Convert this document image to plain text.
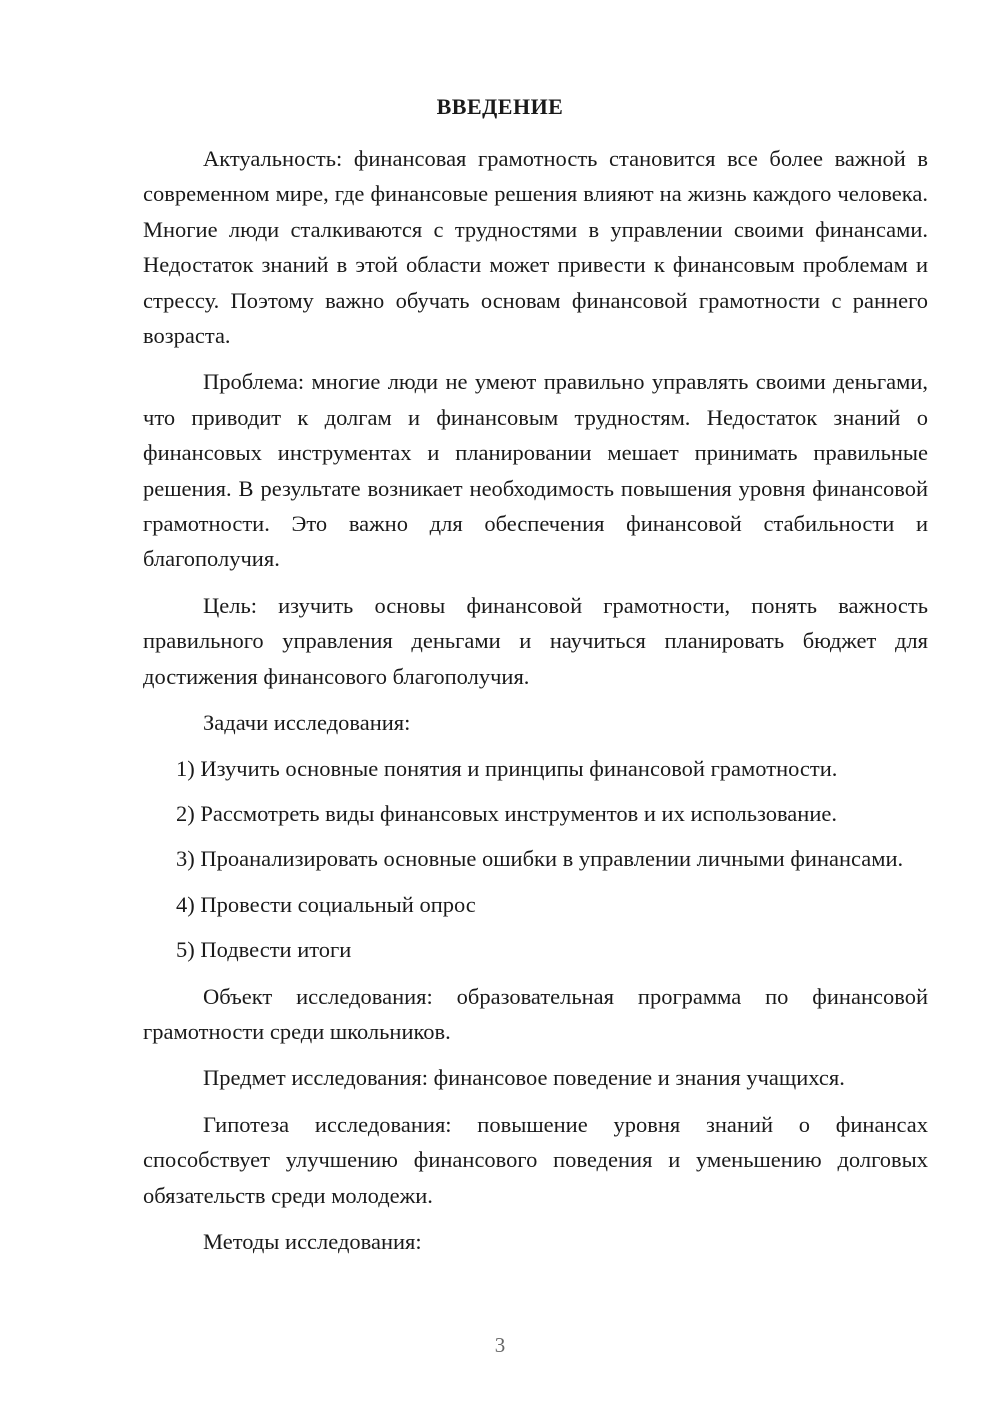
ВВЕДЕНИЕ

Актуальность: финансовая грамотность становится все более важной в современном мире, где финансовые решения влияют на жизнь каждого человека. Многие люди сталкиваются с трудностями в управлении своими финансами. Недостаток знаний в этой области может привести к финансовым проблемам и стрессу. Поэтому важно обучать основам финансовой грамотности с раннего возраста.

Проблема: многие люди не умеют правильно управлять своими деньгами, что приводит к долгам и финансовым трудностям. Недостаток знаний о финансовых инструментах и планировании мешает принимать правильные решения. В результате возникает необходимость повышения уровня финансовой грамотности. Это важно для обеспечения финансовой стабильности и благополучия.

Цель: изучить основы финансовой грамотности, понять важность правильного управления деньгами и научиться планировать бюджет для достижения финансового благополучия.

Задачи исследования:

1) Изучить основные понятия и принципы финансовой грамотности.

2) Рассмотреть виды финансовых инструментов и их использование.

3) Проанализировать основные ошибки в управлении личными финансами.

4) Провести социальный опрос

5) Подвести итоги

Объект исследования: образовательная программа по финансовой грамотности среди школьников.

Предмет исследования: финансовое поведение и знания учащихся.

Гипотеза исследования: повышение уровня знаний о финансах способствует улучшению финансового поведения и уменьшению долговых обязательств среди молодежи.

Методы исследования:

3
